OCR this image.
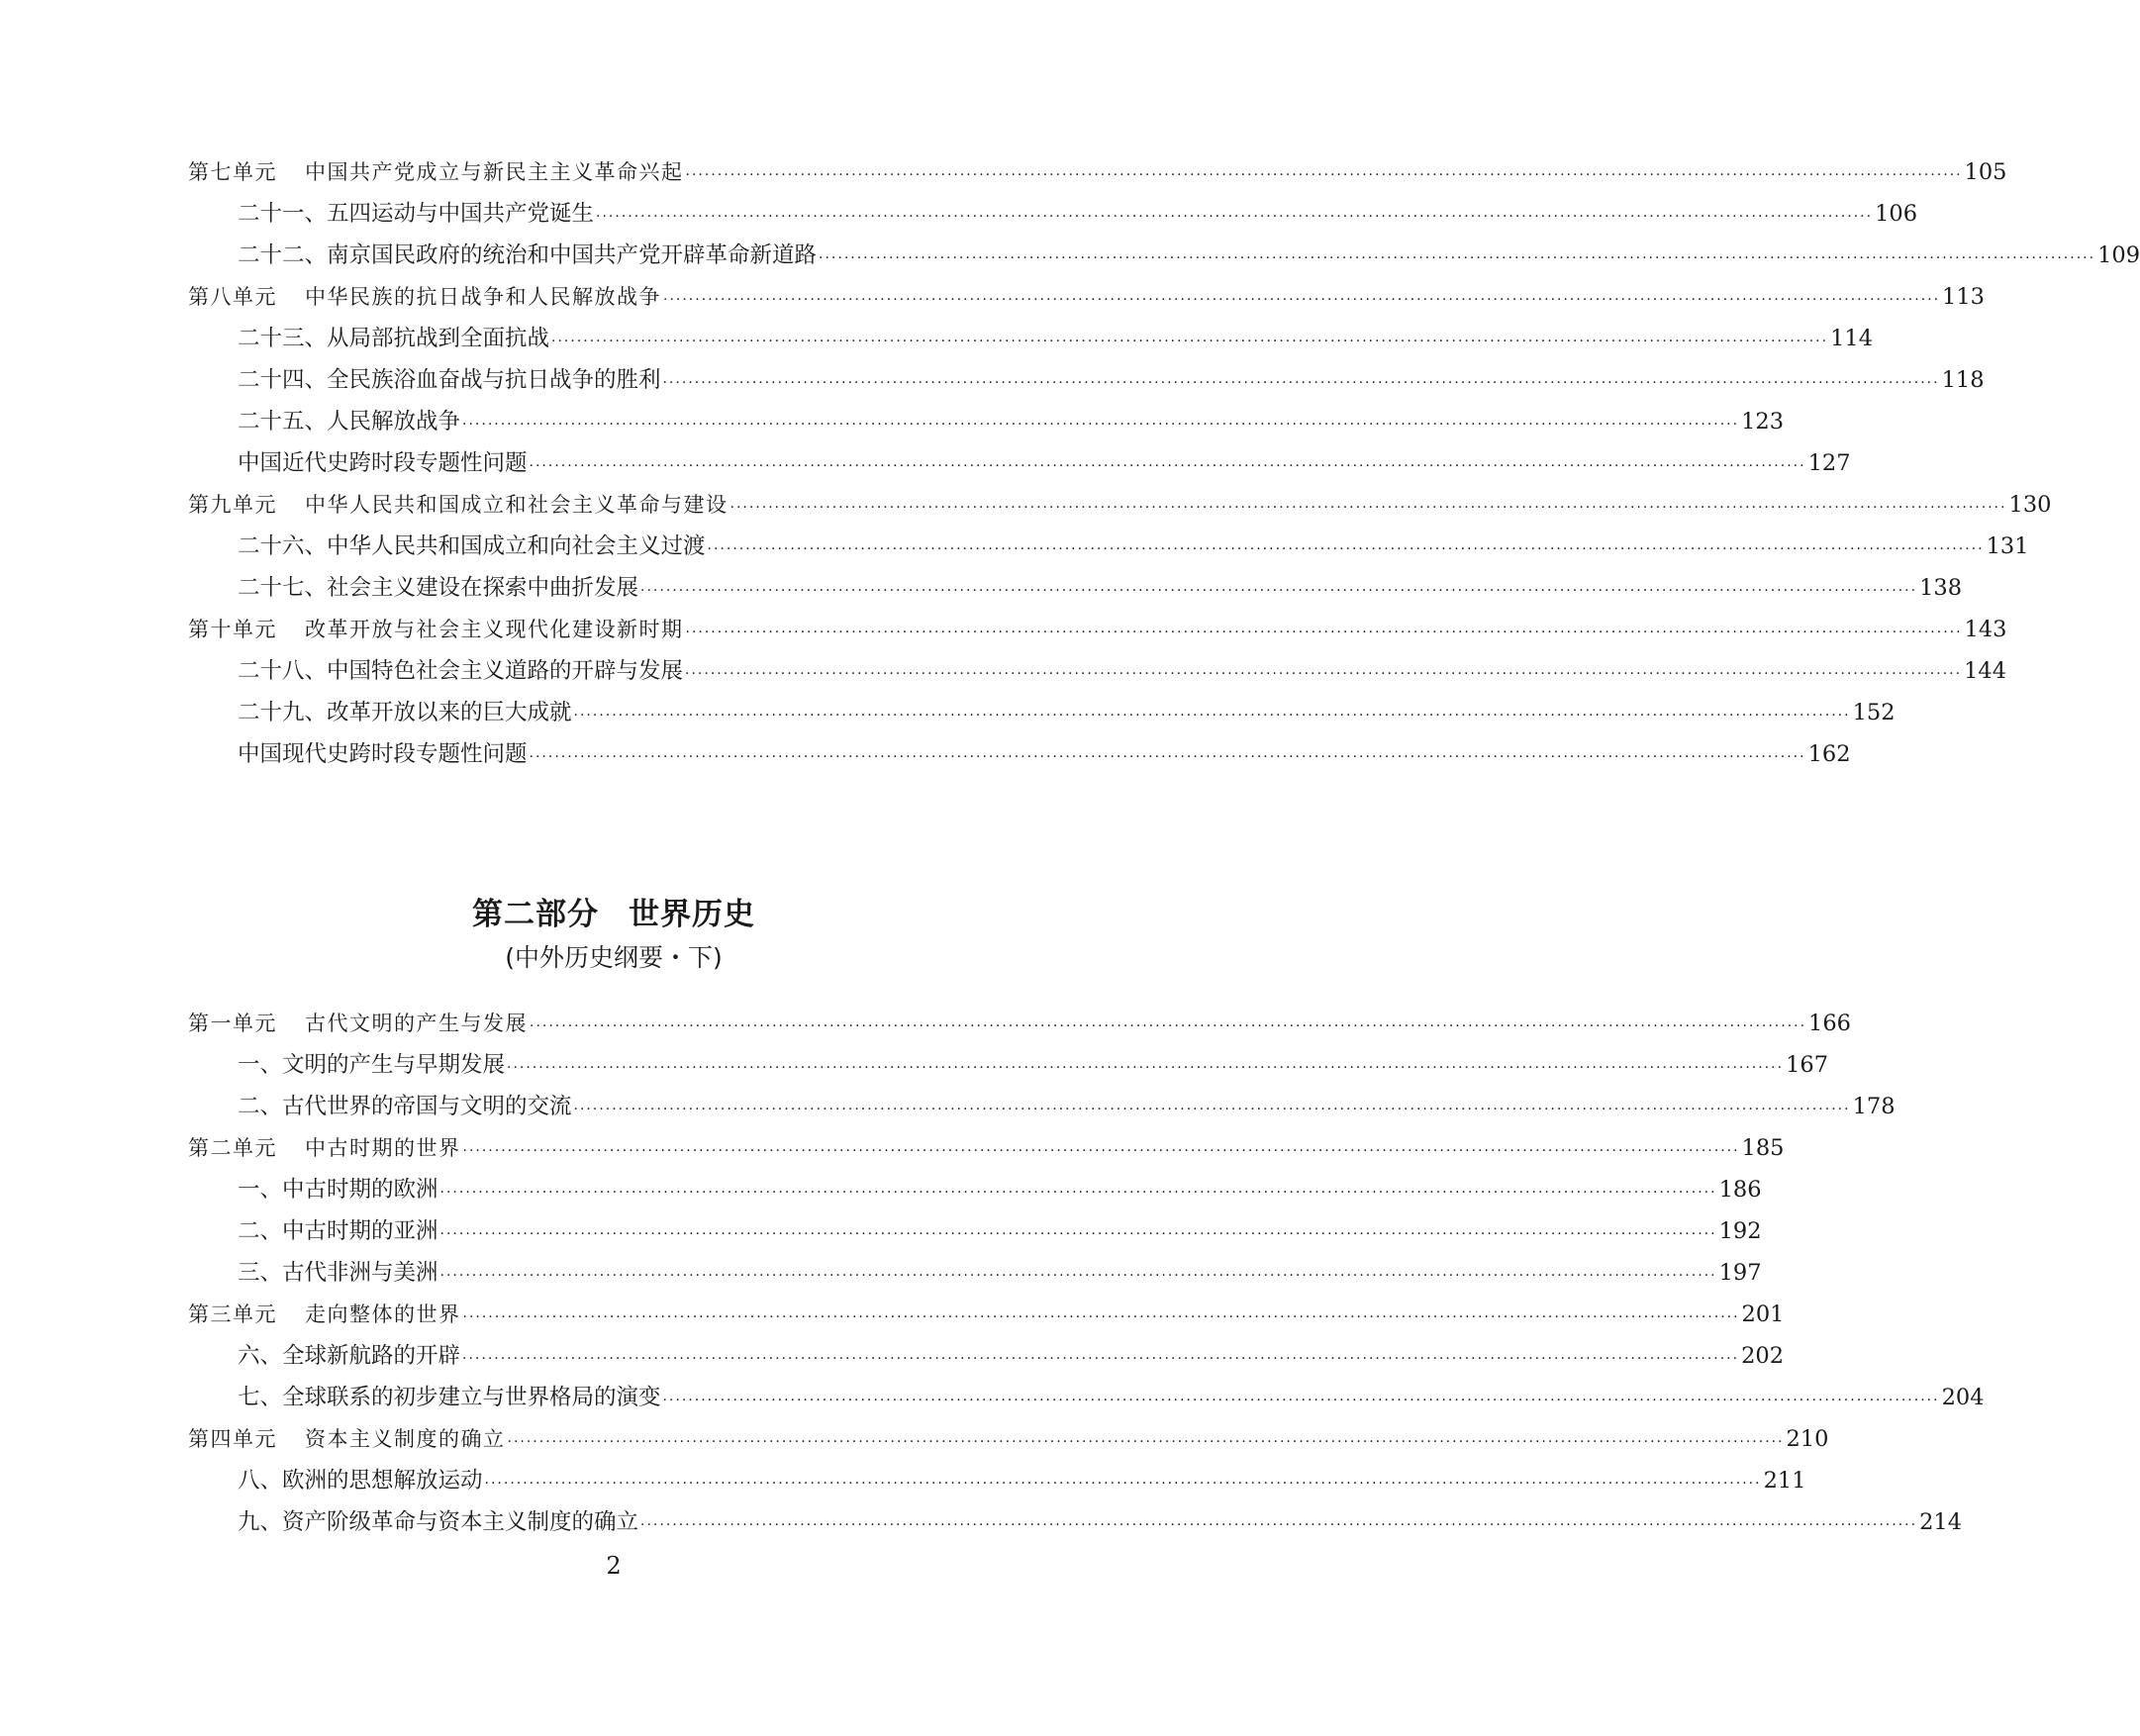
第七单元 中国共产党成立与新民主主义革命兴起 ········································································································································································································ 105
二十一、五四运动与中国共产党诞生 ········································································································································································································ 106
二十二、南京国民政府的统治和中国共产党开辟革命新道路 ········································································································································································································ 109
第八单元 中华民族的抗日战争和人民解放战争 ········································································································································································································ 113
二十三、从局部抗战到全面抗战 ········································································································································································································ 114
二十四、全民族浴血奋战与抗日战争的胜利 ········································································································································································································ 118
二十五、人民解放战争 ········································································································································································································ 123
中国近代史跨时段专题性问题 ········································································································································································································ 127
第九单元 中华人民共和国成立和社会主义革命与建设 ········································································································································································································ 130
二十六、中华人民共和国成立和向社会主义过渡 ········································································································································································································ 131
二十七、社会主义建设在探索中曲折发展 ········································································································································································································ 138
第十单元 改革开放与社会主义现代化建设新时期 ········································································································································································································ 143
二十八、中国特色社会主义道路的开辟与发展 ········································································································································································································ 144
二十九、改革开放以来的巨大成就 ········································································································································································································ 152
中国现代史跨时段专题性问题 ········································································································································································································ 162
第二部分 世界历史
(中外历史纲要・下)
第一单元 古代文明的产生与发展 ········································································································································································································ 166
一、文明的产生与早期发展 ········································································································································································································ 167
二、古代世界的帝国与文明的交流 ········································································································································································································ 178
第二单元 中古时期的世界 ········································································································································································································ 185
一、中古时期的欧洲 ········································································································································································································ 186
二、中古时期的亚洲 ········································································································································································································ 192
三、古代非洲与美洲 ········································································································································································································ 197
第三单元 走向整体的世界 ········································································································································································································ 201
六、全球新航路的开辟 ········································································································································································································ 202
七、全球联系的初步建立与世界格局的演变 ········································································································································································································ 204
第四单元 资本主义制度的确立 ········································································································································································································ 210
八、欧洲的思想解放运动 ········································································································································································································ 211
九、资产阶级革命与资本主义制度的确立 ········································································································································································································ 214
2
